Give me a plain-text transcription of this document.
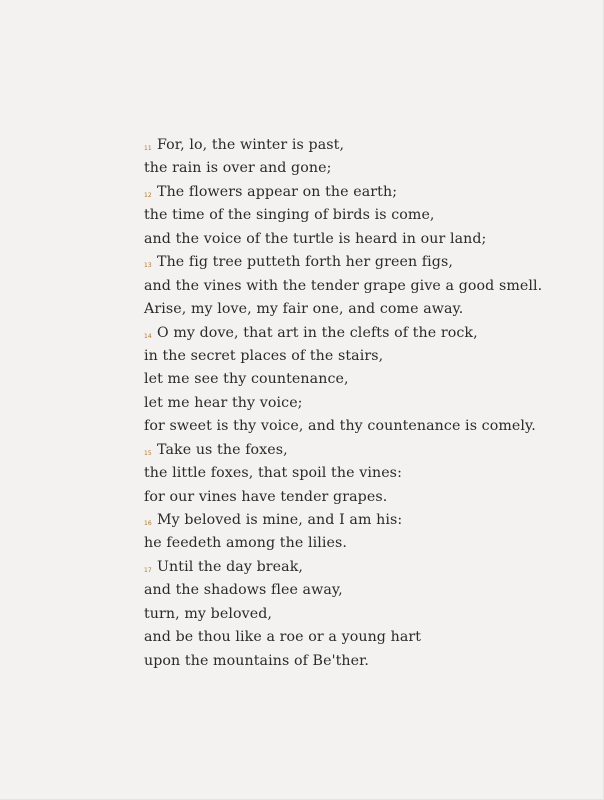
11 For, lo, the winter is past,
the rain is over and gone;
12 The flowers appear on the earth;
the time of the singing of birds is come,
and the voice of the turtle is heard in our land;
13 The fig tree putteth forth her green figs,
and the vines with the tender grape give a good smell.
Arise, my love, my fair one, and come away.
14 O my dove, that art in the clefts of the rock,
in the secret places of the stairs,
let me see thy countenance,
let me hear thy voice;
for sweet is thy voice, and thy countenance is comely.
15 Take us the foxes,
the little foxes, that spoil the vines:
for our vines have tender grapes.
16 My beloved is mine, and I am his:
he feedeth among the lilies.
17 Until the day break,
and the shadows flee away,
turn, my beloved,
and be thou like a roe or a young hart
upon the mountains of Be'ther.
